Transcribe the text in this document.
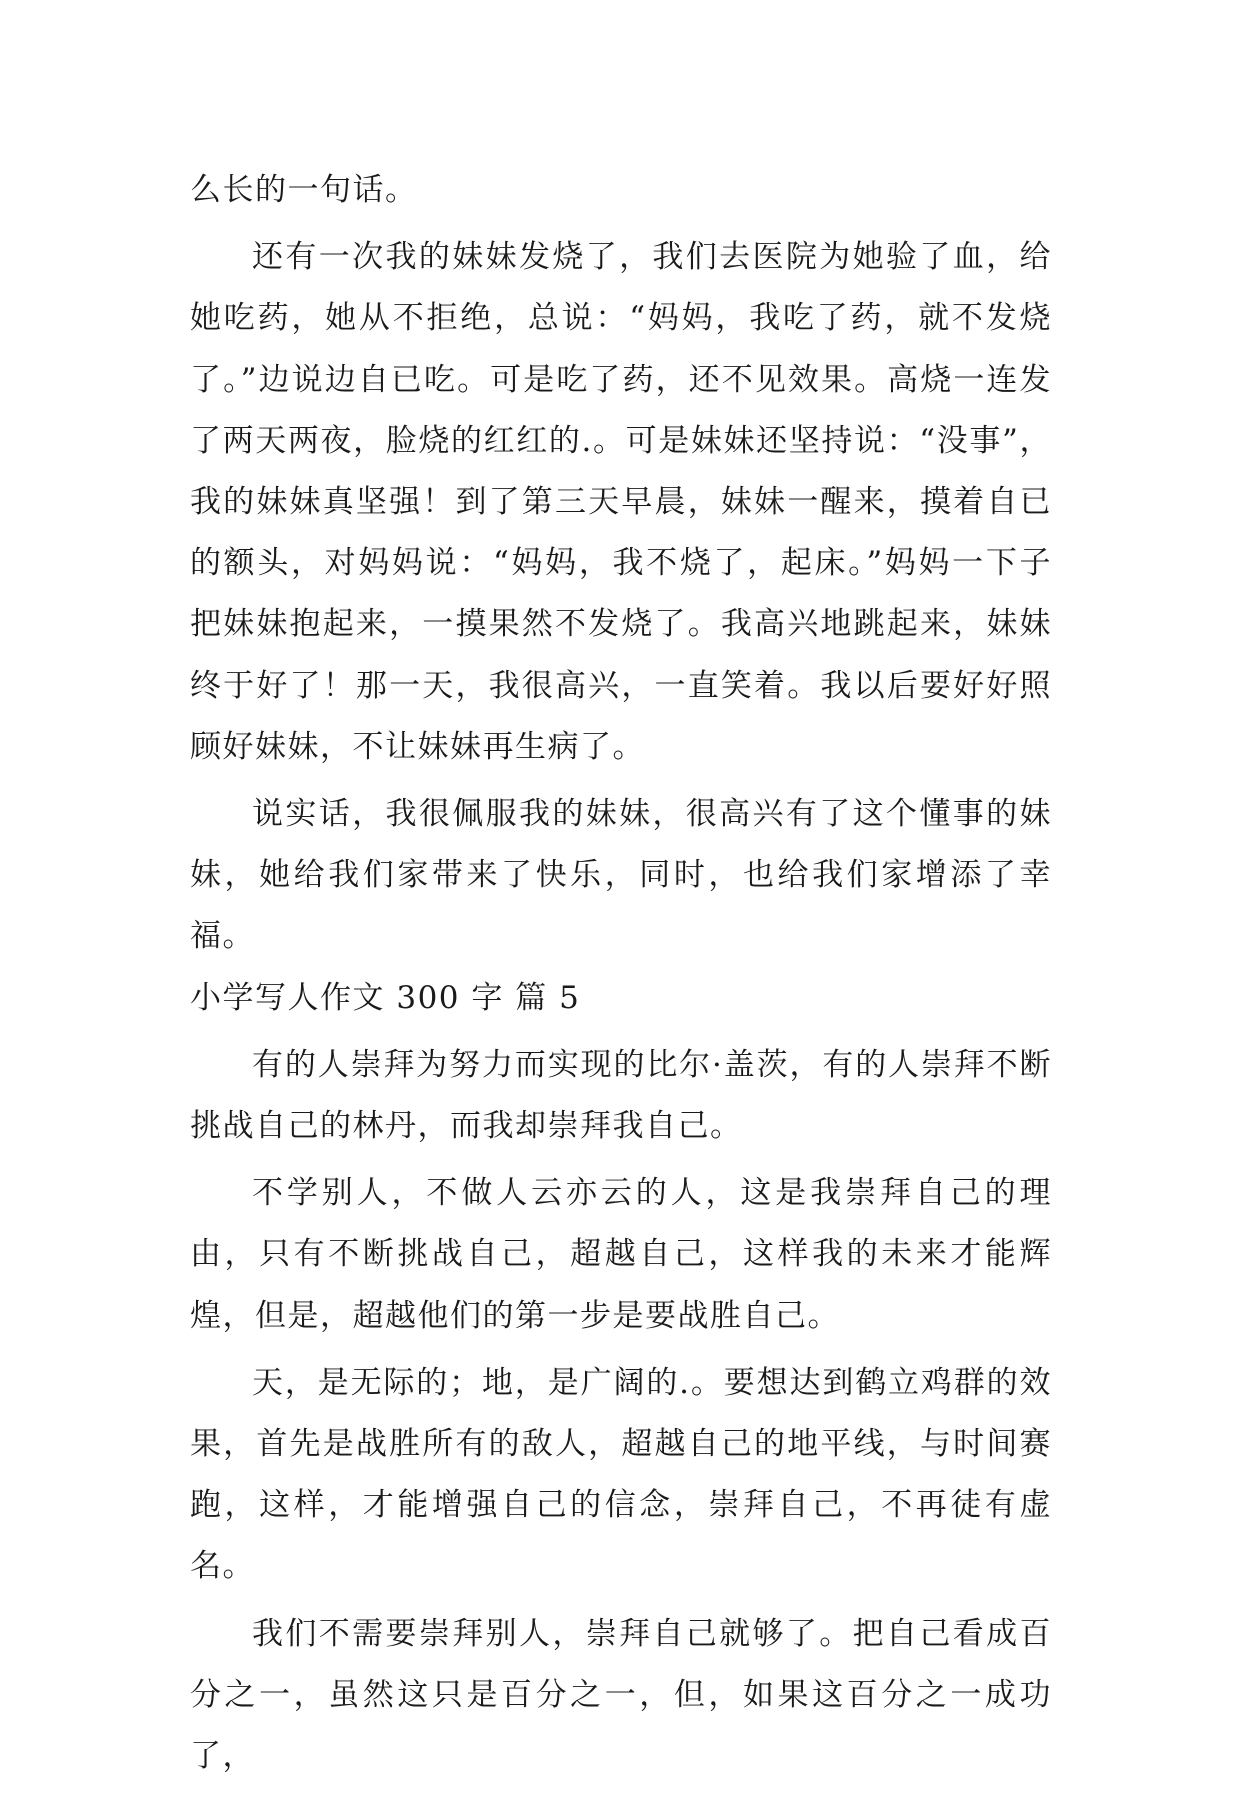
么长的一句话。

还有一次我的妹妹发烧了，我们去医院为她验了血，给她吃药，她从不拒绝，总说：“妈妈，我吃了药，就不发烧了。”边说边自已吃。可是吃了药，还不见效果。高烧一连发了两天两夜，脸烧的红红的.。可是妹妹还坚持说：“没事”，我的妹妹真坚强！到了第三天早晨，妹妹一醒来，摸着自已的额头，对妈妈说：“妈妈，我不烧了，起床。”妈妈一下子把妹妹抱起来，一摸果然不发烧了。我高兴地跳起来，妹妹终于好了！那一天，我很高兴，一直笑着。我以后要好好照顾好妹妹，不让妹妹再生病了。

说实话，我很佩服我的妹妹，很高兴有了这个懂事的妹妹，她给我们家带来了快乐，同时，也给我们家增添了幸福。

小学写人作文 300 字 篇 5

有的人崇拜为努力而实现的比尔·盖茨，有的人崇拜不断挑战自己的林丹，而我却崇拜我自己。

不学别人，不做人云亦云的人，这是我崇拜自己的理由，只有不断挑战自己，超越自己，这样我的未来才能辉煌，但是，超越他们的第一步是要战胜自己。

天，是无际的；地，是广阔的.。要想达到鹤立鸡群的效果，首先是战胜所有的敌人，超越自己的地平线，与时间赛跑，这样，才能增强自己的信念，崇拜自己，不再徒有虚名。

我们不需要崇拜别人，崇拜自己就够了。把自己看成百分之一，虽然这只是百分之一，但，如果这百分之一成功了，
